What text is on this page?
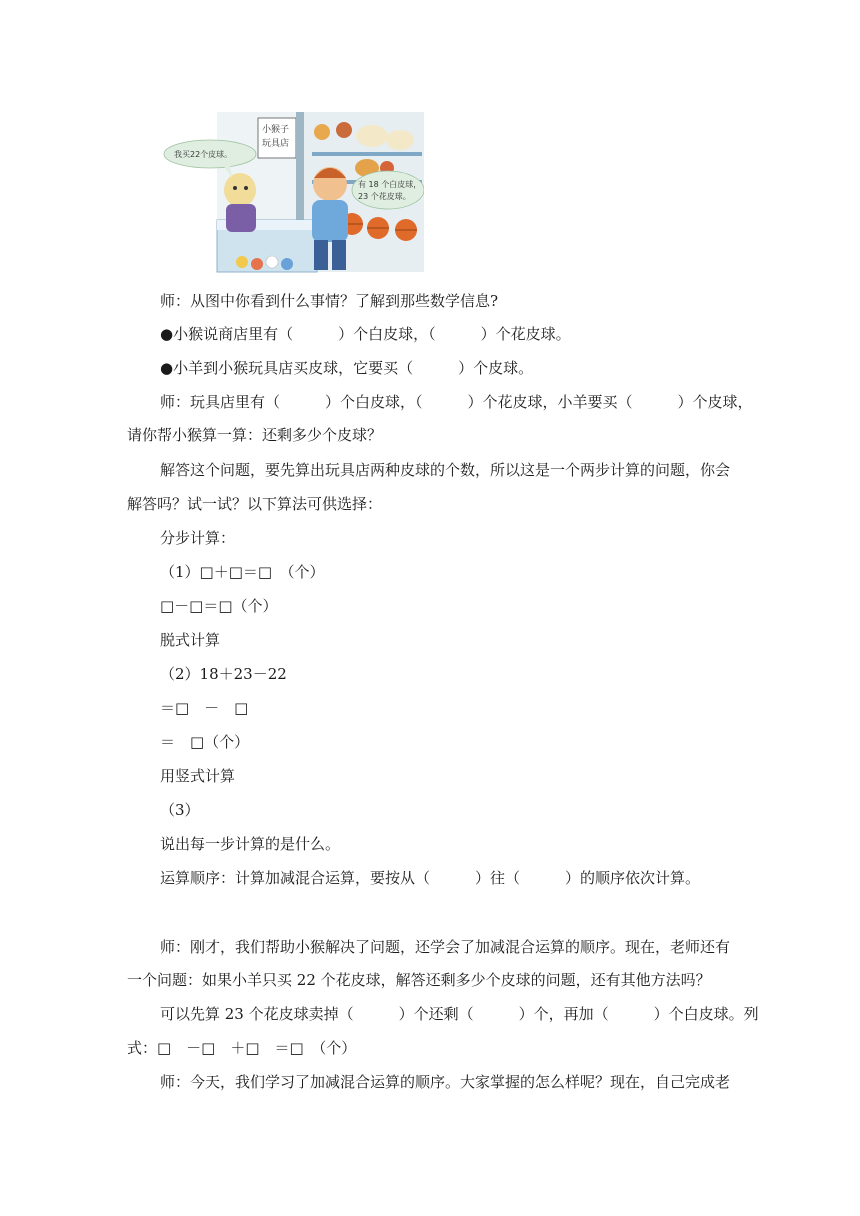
小猴子
玩具店
我买22个皮球。
有 18 个白皮球，
23 个花皮球。
师：从图中你看到什么事情？了解到那些数学信息?
●小猴说商店里有（　　　）个白皮球，（　　　）个花皮球。
●小羊到小猴玩具店买皮球，它要买（　　　）个皮球。
师：玩具店里有（　　　）个白皮球，（　　　）个花皮球，小羊要买（　　　）个皮球，
请你帮小猴算一算：还剩多少个皮球？
解答这个问题，要先算出玩具店两种皮球的个数，所以这是一个两步计算的问题，你会
解答吗？试一试？以下算法可供选择：
分步计算：
（1）□＋□＝□　（个）
□－□＝□（个）
脱式计算
（2）18＋23－22
＝□　－　□
＝　□（个）
用竖式计算
（3）
说出每一步计算的是什么。
运算顺序：计算加减混合运算，要按从（　　　）往（　　　）的顺序依次计算。
师：刚才，我们帮助小猴解决了问题，还学会了加减混合运算的顺序。现在，老师还有
一个问题：如果小羊只买 22 个花皮球，解答还剩多少个皮球的问题，还有其他方法吗？
可以先算 23 个花皮球卖掉（　　　）个还剩（　　　）个，再加（　　　）个白皮球。列
式：□　－□　＋□　＝□　（个）
师：今天，我们学习了加减混合运算的顺序。大家掌握的怎么样呢？现在，自己完成老
